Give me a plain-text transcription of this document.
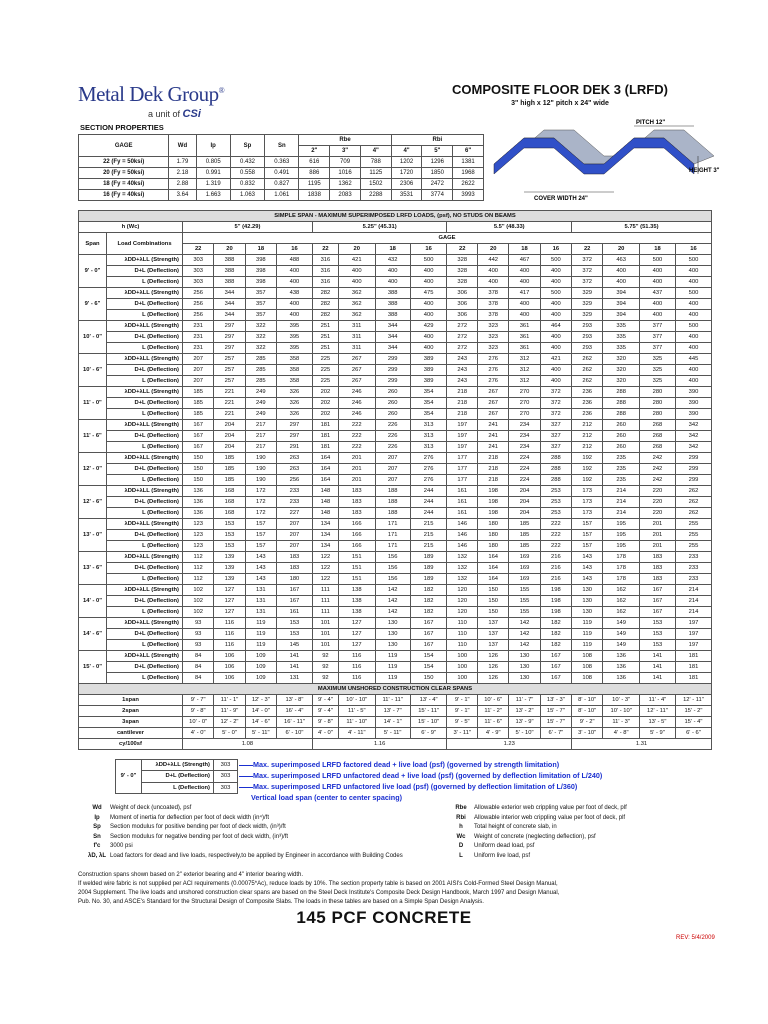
Metal Dek Group®
a unit of CSi
COMPOSITE FLOOR DEK 3 (LRFD)
3" high x 12" pitch x 24" wide
PITCH 12"
HEIGHT 3"
COVER WIDTH 24"
SECTION PROPERTIES
GAGE	Wd	Ip	Sp	Sn	Rbe			Rbi		
					2"	3"	4"	4"	5"	6"
22 (Fy = 50ksi)	1.79	0.805	0.432	0.363	616	709	788	1202	1296	1381
20 (Fy = 50ksi)	2.18	0.991	0.558	0.491	886	1016	1125	1720	1850	1968
18 (Fy = 40ksi)	2.88	1.319	0.832	0.827	1195	1362	1502	2306	2472	2622
16 (Fy = 40ksi)	3.64	1.663	1.063	1.061	1838	2083	2288	3531	3774	3993
SIMPLE SPAN - MAXIMUM SUPERIMPOSED LRFD LOADS, (psf), NO STUDS ON BEAMS																	
h (Wc)		5" (42.29)				5.25" (45.31)				5.5" (48.33)				5.75" (51.35)			
Span	Load Combinations	GAGE															
		22	20	18	16	22	20	18	16	22	20	18	16	22	20	18	16
9' - 0"	λDD+λLL (Strength)	303	388	398	488	316	421	432	500	328	442	467	500	372	463	500	500
	D+L (Deflection)	303	388	398	400	316	400	400	400	328	400	400	400	372	400	400	400
	L (Deflection)	303	388	398	400	316	400	400	400	328	400	400	400	372	400	400	400
9' - 6"	λDD+λLL (Strength)	256	344	357	438	282	362	388	475	306	378	417	500	329	394	437	500
	D+L (Deflection)	256	344	357	400	282	362	388	400	306	378	400	400	329	394	400	400
	L (Deflection)	256	344	357	400	282	362	388	400	306	378	400	400	329	394	400	400
10' - 0"	λDD+λLL (Strength)	231	297	322	395	251	311	344	429	272	323	361	464	293	335	377	500
	D+L (Deflection)	231	297	322	395	251	311	344	400	272	323	361	400	293	335	377	400
	L (Deflection)	231	297	322	395	251	311	344	400	272	323	361	400	293	335	377	400
10' - 6"	λDD+λLL (Strength)	207	257	285	358	225	267	299	389	243	276	312	421	262	320	325	445
	D+L (Deflection)	207	257	285	358	225	267	299	389	243	276	312	400	262	320	325	400
	L (Deflection)	207	257	285	358	225	267	299	389	243	276	312	400	262	320	325	400
11' - 0"	λDD+λLL (Strength)	185	221	249	326	202	246	260	354	218	267	270	372	236	288	280	390
	D+L (Deflection)	185	221	249	326	202	246	260	354	218	267	270	372	236	288	280	390
	L (Deflection)	185	221	249	326	202	246	260	354	218	267	270	372	236	288	280	390
11' - 6"	λDD+λLL (Strength)	167	204	217	297	181	222	226	313	197	241	234	327	212	260	268	342
	D+L (Deflection)	167	204	217	297	181	222	226	313	197	241	234	327	212	260	268	342
	L (Deflection)	167	204	217	291	181	222	226	313	197	241	234	327	212	260	268	342
12' - 0"	λDD+λLL (Strength)	150	185	190	263	164	201	207	276	177	218	224	288	192	235	242	299
	D+L (Deflection)	150	185	190	263	164	201	207	276	177	218	224	288	192	235	242	299
	L (Deflection)	150	185	190	256	164	201	207	276	177	218	224	288	192	235	242	299
12' - 6"	λDD+λLL (Strength)	136	168	172	233	148	183	188	244	161	198	204	253	173	214	220	262
	D+L (Deflection)	136	168	172	233	148	183	188	244	161	198	204	253	173	214	220	262
	L (Deflection)	136	168	172	227	148	183	188	244	161	198	204	253	173	214	220	262
13' - 0"	λDD+λLL (Strength)	123	153	157	207	134	166	171	215	146	180	185	222	157	195	201	255
	D+L (Deflection)	123	153	157	207	134	166	171	215	146	180	185	222	157	195	201	255
	L (Deflection)	123	153	157	207	134	166	171	215	146	180	185	222	157	195	201	255
13' - 6"	λDD+λLL (Strength)	112	139	143	183	122	151	156	189	132	164	169	216	143	178	183	233
	D+L (Deflection)	112	139	143	183	122	151	156	189	132	164	169	216	143	178	183	233
	L (Deflection)	112	139	143	180	122	151	156	189	132	164	169	216	143	178	183	233
14' - 0"	λDD+λLL (Strength)	102	127	131	167	111	138	142	182	120	150	155	198	130	162	167	214
	D+L (Deflection)	102	127	131	167	111	138	142	182	120	150	155	198	130	162	167	214
	L (Deflection)	102	127	131	161	111	138	142	182	120	150	155	198	130	162	167	214
14' - 6"	λDD+λLL (Strength)	93	116	119	153	101	127	130	167	110	137	142	182	119	149	153	197
	D+L (Deflection)	93	116	119	153	101	127	130	167	110	137	142	182	119	149	153	197
	L (Deflection)	93	116	119	145	101	127	130	167	110	137	142	182	119	149	153	197
15' - 0"	λDD+λLL (Strength)	84	106	109	141	92	116	119	154	100	126	130	167	108	136	141	181
	D+L (Deflection)	84	106	109	141	92	116	119	154	100	126	130	167	108	136	141	181
	L (Deflection)	84	106	109	131	92	116	119	150	100	126	130	167	108	136	141	181
MAXIMUM UNSHORED CONSTRUCTION CLEAR SPANS																	
1span		9' - 7"	11' - 1"	12' - 3"	13' - 8"	9' - 4"	10' - 10"	11' - 11"	13' - 4"	9' - 1"	10' - 6"	11' - 7"	13' - 3"	8' - 10"	10' - 3"	11' - 4"	12' - 11"
2span		9' - 8"	11' - 9"	14' - 0"	16' - 4"	9' - 4"	11' - 5"	13' - 7"	15' - 11"	9' - 1"	11' - 2"	13' - 2"	15' - 7"	8' - 10"	10' - 10"	12' - 11"	15' - 2"
3span		10' - 0"	12' - 2"	14' - 6"	16' - 11"	9' - 8"	11' - 10"	14' - 1"	15' - 10"	9' - 5"	11' - 6"	13' - 9"	15' - 7"	9' - 2"	11' - 3"	13' - 5"	15' - 4"
cantilever		4' - 0"	5' - 0"	5' - 11"	6' - 10"	4' - 0"	4' - 11"	5' - 11"	6' - 9"	3' - 11"	4' - 9"	5' - 10"	6' - 7"	3' - 10"	4' - 8"	5' - 9"	6' - 6"
cy/100sf		1.08				1.16				1.23				1.31			
9' - 0"	λDD+λLL (Strength)	303
	D+L (Deflection)	303
	L (Deflection)	303
Max. superimposed LRFD factored dead + live load (psf) (governed by strength limitation)
Max. superimposed LRFD unfactored dead + live load (psf) (governed by deflection limitation of L/240)
Max. superimposed LRFD unfactored live load (psf) (governed by deflection limitation of L/360)
Vertical load span (center to center spacing)
Wd	Weight of deck (uncoated), psf
Ip	Moment of inertia for deflection per foot of deck width (in⁴)/ft
Sp	Section modulus for positive bending per foot of deck width, (in³)/ft
Sn	Section modulus for negative bending per foot of deck width, (in³)/ft
f'c	3000 psi
λD, λL Load factors for dead and live loads, respectively,to be applied by Engineer in accordance with Building Codes
Rbe	Allowable exterior web crippling value per foot of deck, plf
Rbi	Allowable interior web crippling value per foot of deck, plf
h	Total height of concrete slab, in
Wc	Weight of concrete (neglecting deflection), psf
D	Uniform dead load, psf
L	Uniform live load, psf
Construction spans shown based on 2" exterior bearing and 4" interior bearing width.
If welded wire fabric is not supplied per ACI requirements (0.00075*Ac), reduce loads by 10%. The section property table is based on 2001 AISI's Cold-Formed Steel Design Manual,
2004 Supplement. The live loads and unshored construction clear spans are based on the Steel Deck Institute's Composite Deck Design Handbook, March 1997 and Design Manual,
Pub. No. 30, and ASCE's Standard for the Structural Design of Composite Slabs. The loads in these tables are based on a Simple Span Design Analysis.
145 PCF CONCRETE
REV: 5/4/2009
